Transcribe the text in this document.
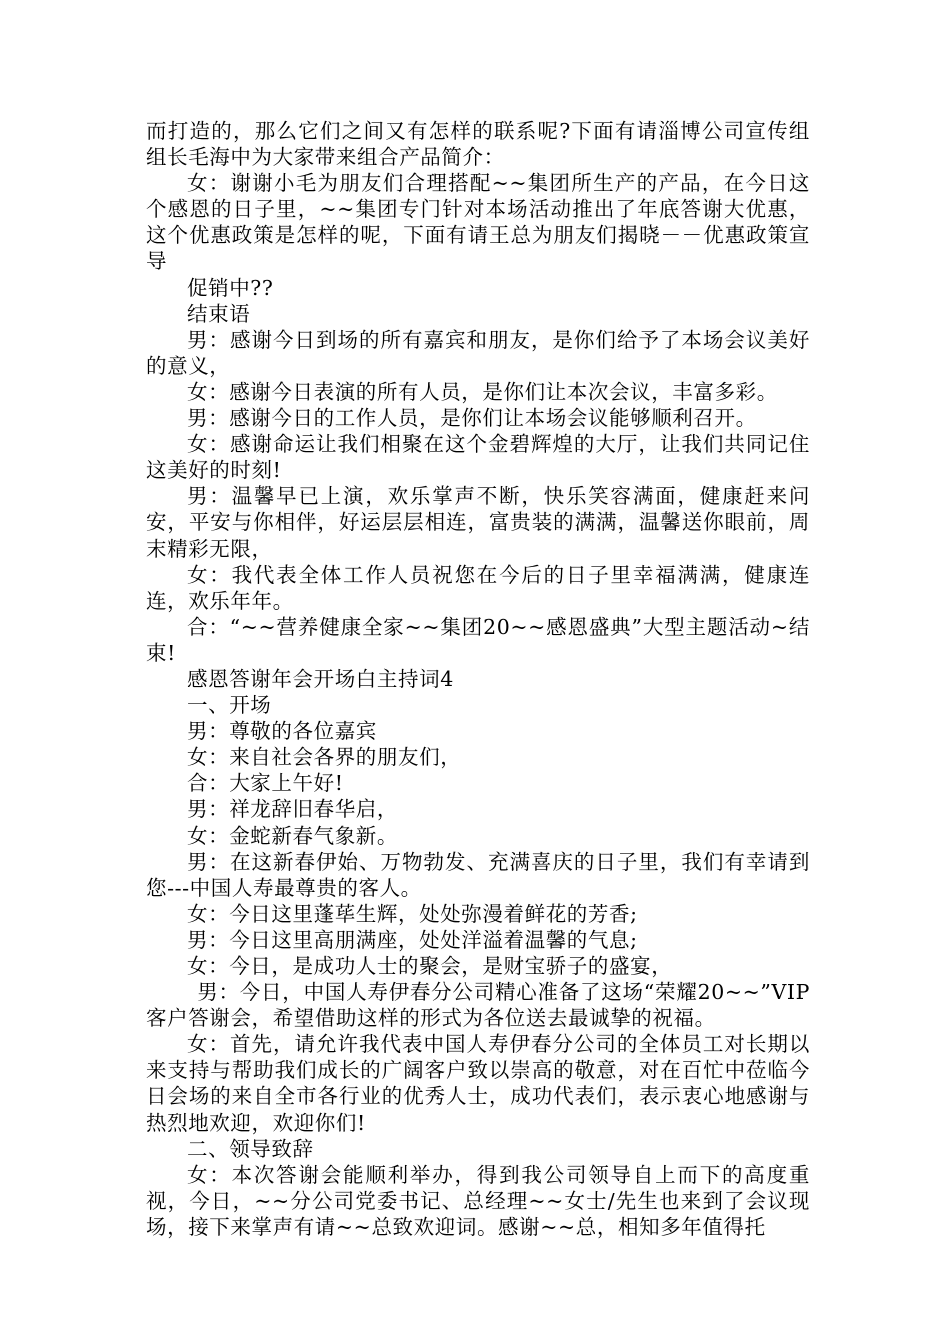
而打造的，那么它们之间又有怎样的联系呢?下面有请淄博公司宣传组组长毛海中为大家带来组合产品简介：

女：谢谢小毛为朋友们合理搭配~~集团所生产的产品，在今日这个感恩的日子里，~~集团专门针对本场活动推出了年底答谢大优惠，这个优惠政策是怎样的呢，下面有请王总为朋友们揭晓－－优惠政策宣导

促销中??

结束语

男：感谢今日到场的所有嘉宾和朋友，是你们给予了本场会议美好的意义，

女：感谢今日表演的所有人员，是你们让本次会议，丰富多彩。

男：感谢今日的工作人员，是你们让本场会议能够顺利召开。

女：感谢命运让我们相聚在这个金碧辉煌的大厅，让我们共同记住这美好的时刻!

男：温馨早已上演，欢乐掌声不断，快乐笑容满面，健康赶来问安，平安与你相伴，好运层层相连，富贵装的满满，温馨送你眼前，周末精彩无限，

女：我代表全体工作人员祝您在今后的日子里幸福满满，健康连连，欢乐年年。

合：“~~营养健康全家~~集团20~~感恩盛典”大型主题活动~结束!

感恩答谢年会开场白主持词4

一、开场

男：尊敬的各位嘉宾

女：来自社会各界的朋友们，

合：大家上午好!

男：祥龙辞旧春华启，

女：金蛇新春气象新。

男：在这新春伊始、万物勃发、充满喜庆的日子里，我们有幸请到您---中国人寿最尊贵的客人。

女：今日这里蓬荜生辉，处处弥漫着鲜花的芳香;

男：今日这里高朋满座，处处洋溢着温馨的气息;

女：今日，是成功人士的聚会，是财宝骄子的盛宴，

男：今日，中国人寿伊春分公司精心准备了这场“荣耀20~~”VIP客户答谢会，希望借助这样的形式为各位送去最诚挚的祝福。

女：首先，请允许我代表中国人寿伊春分公司的全体员工对长期以来支持与帮助我们成长的广阔客户致以崇高的敬意，对在百忙中莅临今日会场的来自全市各行业的优秀人士，成功代表们，表示衷心地感谢与热烈地欢迎，欢迎你们!

二、领导致辞

女：本次答谢会能顺利举办，得到我公司领导自上而下的高度重视，今日，~~分公司党委书记、总经理~~女士/先生也来到了会议现场，接下来掌声有请~~总致欢迎词。感谢~~总，相知多年值得托
